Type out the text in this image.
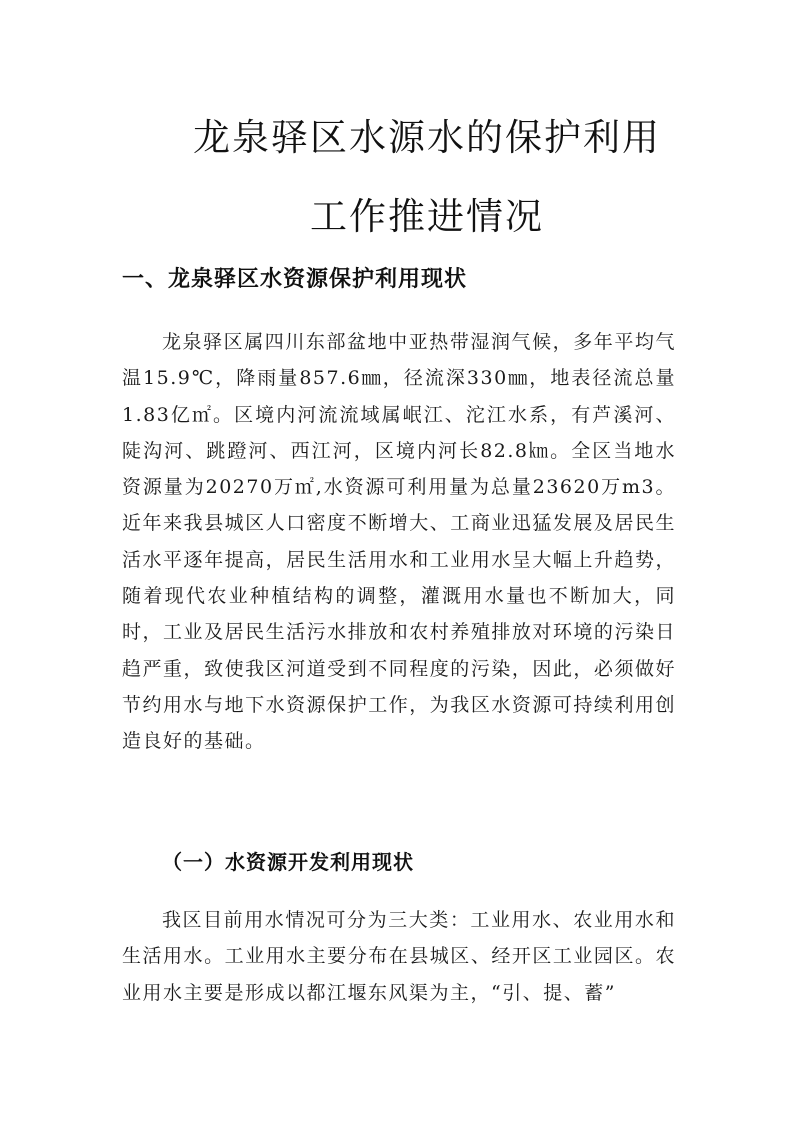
龙泉驿区水源水的保护利用
工作推进情况
一、龙泉驿区水资源保护利用现状

龙泉驿区属四川东部盆地中亚热带湿润气候，多年平均气温15.9℃，降雨量857.6㎜，径流深330㎜，地表径流总量1.83亿㎡。区境内河流流域属岷江、沱江水系，有芦溪河、陡沟河、跳蹬河、西江河，区境内河长82.8㎞。全区当地水资源量为20270万㎡,水资源可利用量为总量23620万m3。近年来我县城区人口密度不断增大、工商业迅猛发展及居民生活水平逐年提高，居民生活用水和工业用水呈大幅上升趋势，随着现代农业种植结构的调整，灌溉用水量也不断加大，同时，工业及居民生活污水排放和农村养殖排放对环境的污染日趋严重，致使我区河道受到不同程度的污染，因此，必须做好节约用水与地下水资源保护工作，为我区水资源可持续利用创造良好的基础。

（一）水资源开发利用现状

我区目前用水情况可分为三大类：工业用水、农业用水和生活用水。工业用水主要分布在县城区、经开区工业园区。农业用水主要是形成以都江堰东风渠为主，“引、提、蓄”
